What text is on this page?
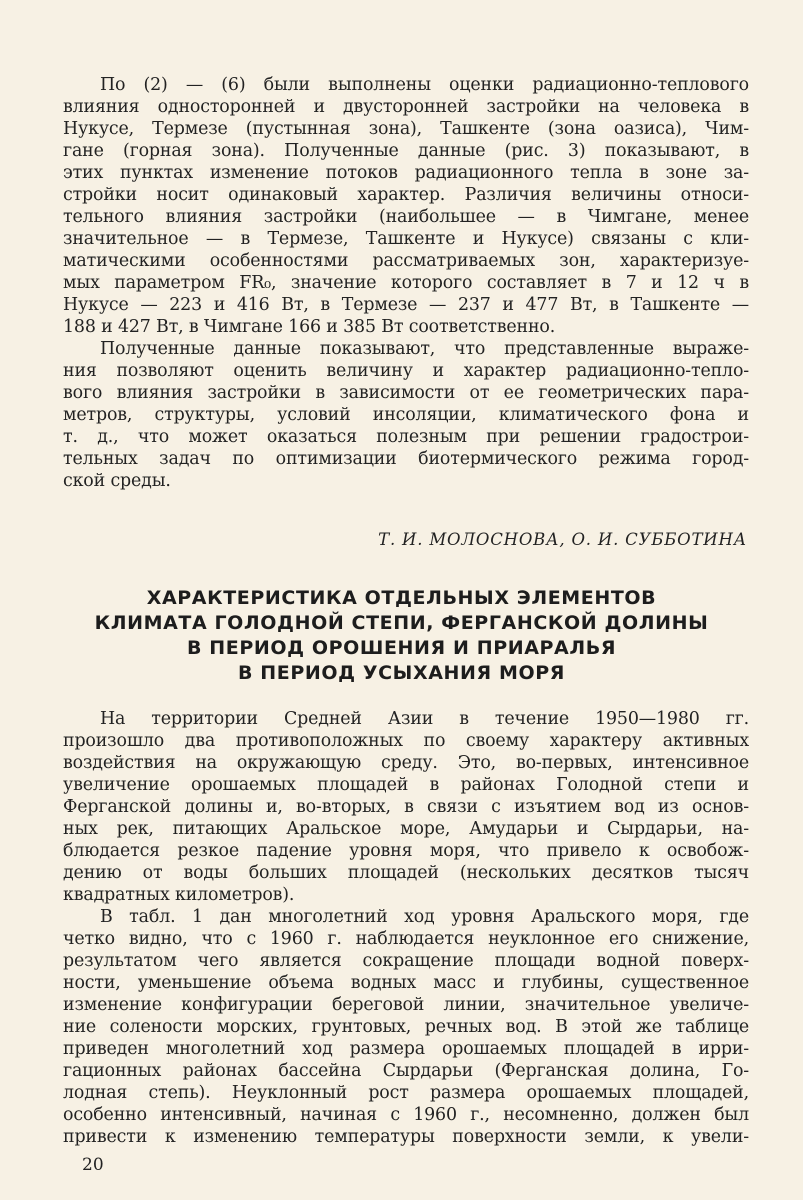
По (2) — (6) были выполнены оценки радиационно-теплового
влияния односторонней и двусторонней застройки на человека в
Нукусе, Термезе (пустынная зона), Ташкенте (зона оазиса), Чим-
гане (горная зона). Полученные данные (рис. 3) показывают, в
этих пунктах изменение потоков радиационного тепла в зоне за-
стройки носит одинаковый характер. Различия величины относи-
тельного влияния застройки (наибольшее — в Чимгане, менее
значительное — в Термезе, Ташкенте и Нукусе) связаны с кли-
матическими особенностями рассматриваемых зон, характеризуе-
мых параметром FR₀, значение которого составляет в 7 и 12 ч в
Нукусе — 223 и 416 Вт, в Термезе — 237 и 477 Вт, в Ташкенте —
188 и 427 Вт, в Чимгане 166 и 385 Вт соответственно.
Полученные данные показывают, что представленные выраже-
ния позволяют оценить величину и характер радиационно-тепло-
вого влияния застройки в зависимости от ее геометрических пара-
метров, структуры, условий инсоляции, климатического фона и
т. д., что может оказаться полезным при решении градострои-
тельных задач по оптимизации биотермического режима город-
ской среды.
Т. И. МОЛОСНОВА, О. И. СУББОТИНА
ХАРАКТЕРИСТИКА ОТДЕЛЬНЫХ ЭЛЕМЕНТОВ
КЛИМАТА ГОЛОДНОЙ СТЕПИ, ФЕРГАНСКОЙ ДОЛИНЫ
В ПЕРИОД ОРОШЕНИЯ И ПРИАРАЛЬЯ
В ПЕРИОД УСЫХАНИЯ МОРЯ
На территории Средней Азии в течение 1950—1980 гг.
произошло два противоположных по своему характеру активных
воздействия на окружающую среду. Это, во-первых, интенсивное
увеличение орошаемых площадей в районах Голодной степи и
Ферганской долины и, во-вторых, в связи с изъятием вод из основ-
ных рек, питающих Аральское море, Амударьи и Сырдарьи, на-
блюдается резкое падение уровня моря, что привело к освобож-
дению от воды больших площадей (нескольких десятков тысяч
квадратных километров).
В табл. 1 дан многолетний ход уровня Аральского моря, где
четко видно, что с 1960 г. наблюдается неуклонное его снижение,
результатом чего является сокращение площади водной поверх-
ности, уменьшение объема водных масс и глубины, существенное
изменение конфигурации береговой линии, значительное увеличе-
ние солености морских, грунтовых, речных вод. В этой же таблице
приведен многолетний ход размера орошаемых площадей в ирри-
гационных районах бассейна Сырдарьи (Ферганская долина, Го-
лодная степь). Неуклонный рост размера орошаемых площадей,
особенно интенсивный, начиная с 1960 г., несомненно, должен был
привести к изменению температуры поверхности земли, к увели-
20
